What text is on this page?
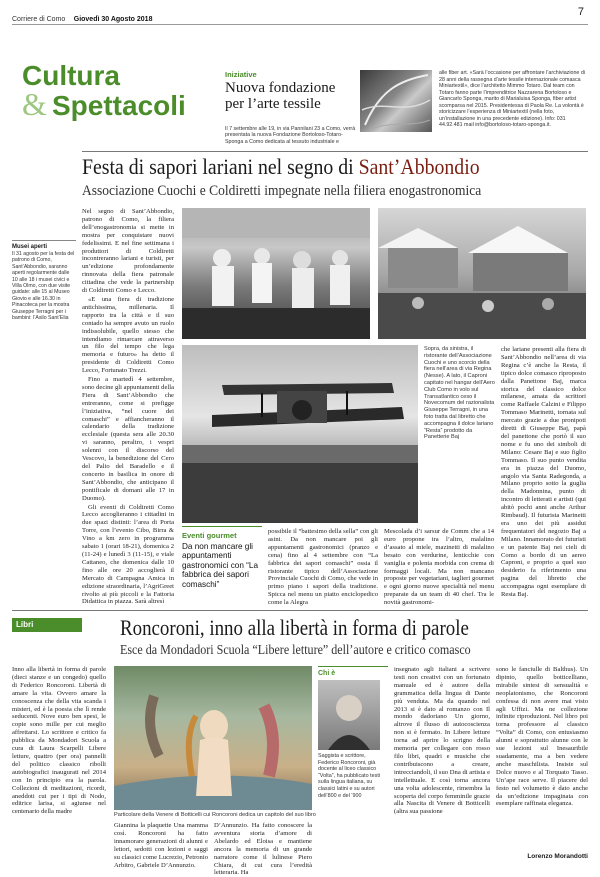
Corriere di Como Giovedì 30 Agosto 2018
7
Cultura
& Spettacoli
Iniziative
Nuova fondazione
per l’arte tessile
Il 7 settembre alle 19, in via Pannilani 23 a Como, verrà presentata la nuova Fondazione Bortoloso-Totaro-Sponga a Como dedicata al tessuto industriale e
alle fiber art. «Sarà l’occasione per affrontare l’archiviazione di 28 anni della rassegna d’arte tessile internazionale comasca Miniartextil», dice l’architetto Mimmo Totaro. Dal team con Totaro fanno parte l’imprenditrice Nazzarena Bortoloso e Giancarlo Sponga, marito di Marialuisa Sponga, fiber artist scomparsa nel 2015. Presidentessa di Paola Re. La volontà è storicizzare l’esperienza di Miniartextil (nella foto, un’installazione in una precedente edizione). Info: 031 44.92.481 mail info@bortoloso-totaro-sponga.it.
Festa di sapori lariani nel segno di Sant’Abbondio
Associazione Cuochi e Coldiretti impegnate nella filiera enogastronomica
Musei aperti
Il 31 agosto per la festa del patrono di Como, Sant’Abbondio, saranno aperti regolarmente dalle 10 alle 18 i musei civici e Villa Olmo, con due visite guidate: alle 15 al Museo Giovio e alle 16.30 in Pinacoteca per la mostra Giuseppe Terragni per i bambini: l’Asilo Sant’Elia

Nel segno di Sant’Abbondio, patrono di Como, la filiera dell’enogastronomia si mette in mostra per conquistare nuovi fedelissimi. E nel fine settimana i produttori di Coldiretti incontreranno lariani e turisti, per un’edizione profondamente rinnovata della fiera patronale cittadina che vede la partnership di Coldiretti Como e Lecco.

«E una fiera di tradizione antichissima, millenaria. Il rapporto tra la città e il suo contado ha sempre avuto un ruolo indissolubile, quello stesso che intendiamo rimarcare attraverso un filo del tempo che lega memoria e futuro» ha detto il presidente di Coldiretti Como Lecco, Fortunato Trezzi.

Fino a martedì 4 settembre, sono decine gli appuntamenti della Fiera di Sant’Abbondio che entreranno, come si prefigge l’iniziativa, “nel cuore dei comaschi” e affiancheranno il calendario della tradizione ecclesiale (questa sera alle 20.30 vi saranno, peraltro, i vespri solenni con il discorso del Vescovo, la benedizione del Cero del Palio del Baradello e il concerto in basilica in onore di Sant’Abbondio, che anticipano il pontificale di domani alle 17 in Duomo).

Gli eventi di Coldiretti Como Lecco accoglieranno i cittadini in due spazi distinti: l’area di Porta Torre, con l’evento Cibo, Birra & Vino a km zero in programma sabato 1 (orari 18-21), domenica 2 (11-24) e lunedì 3 (11-15), e viale Cattaneo, che domenica dalle 10 fino alle ore 20 accoglierà il Mercato di Campagna Amica in edizione straordinaria, l’AgriGreet rivolto ai più piccoli e la Fattoria Didattica in piazza. Sarà altresì

Sopra, da sinistra, il ristorante dell’Associazione Cuochi e uno scorcio della fiera nell’area di via Regina (Nesse). A lato, il Caproni capitato nel hangar dell’Aero Club Como in volo sul Transatlantico ceso il Novecomum del razionalista Giuseppe Terragni, in una foto tratta dal libretto che accompagna il dolce lariano “Resta” prodotto da Panetterie Baj
che lariane presenti alla fiera di Sant’Abbondio nell’area di via Regina c’è anche la Resta, il tipico dolce comasco riproposto dalla Panettone Baj, marca storica del classico dolce milanese, amata da scrittori come Raffaele Calzini e Filippo Tommaso Marinetti, tornata sul mercato grazie a due pronipoti diretti di Giuseppe Baj, papà del panettone che portò il suo nome e fu uno dei simboli di Milano: Cesare Baj e suo figlio Tommaso. Il suo punto vendita era in piazza del Duomo, angolo via Santa Radegonda, a Milano proprio sotto la guglia della Madonnina, punto di incontro di letterati e artisti (qui abitò pochi anni anche Arthur Rimbaud). Il futurista Marinetti era uno dei più assidui frequentatori del negozio Baj a Milano. Innamorato dei futuristi e un patente Baj nei cieli di Como a bordo di un aereo Caproni, e proprio a quel suo desiderio fa riferimento una pagina del libretto che accompagna ogni esemplare di Resta Baj.
Eventi gourmet
Da non mancare gli appuntamenti gastronomici con “La fabbrica dei sapori comaschi”
possibile il “battesimo della sella” con gli asini. Da non mancare poi gli appuntamenti gastronomici (pranzo e cena) fino al 4 settembre con “La fabbrica dei sapori comaschi” ossia il ristorante tipico dell’Associazione Provinciale Cuochi di Como, che vede in primo piano i sapori della tradizione. Spicca nel menu un piatto enciclopedico come la Alegra
Mescolada d’i sarsur de Comm che a 14 euro propone tra l’altro, malalino d’assato al miele, mazinetti di malalino besato con verdurine, lenticchie con vaniglia e polenta morbida con crema di formaggi locali. Ma non mancano proposte per vegetariani, taglieri gourmet e ogni giorno nuove specialità nel menu preparate da un team di 40 chef. Tra le novità gastronomi-
Libri	Roncoroni, inno alla libertà in forma di parole
Esce da Mondadori Scuola “Libere letture” dell’autore e critico comasco
Inno alla libertà in forma di parole (dieci stanze e un congedo) quello di Federico Roncoroni. Libertà di amare la vita. Ovvero amare la conoscenza che della vita scanda i misteri, ed è la poesia che lì rende seducenti. Nove euro ben spesi, le copie sono mille per cui meglio affrettarsi. Lo scrittore e critico fa pubblica da Mondadori Scuola a cura di Laura Scarpelli Libere letture, quattro (per ora) pannelli del politico classico ribolli autobiografici inaugurati nel 2014 con In principio era la parola. Collezioni di meditazioni, ricordi, aneddoti cui per i tipi di Nodo, editrice larisa, si agiunse nel centenario della madre	Particolare della Venere di Botticelli cui Roncoroni dedica un capitolo del suo libro
Giannina la plaquette Una mamma così. Roncoroni ha fatto innamorare generazioni di alunni e lettori, sedotti con lezioni e saggi su classici come Lucrezio, Petronio Arbitro, Gabriele D’Annunzio.
D’Annunzio. Ha fatto conoscere la avventura storia d’amore di Abelardo ed Eloisa e mantiene ancora la memoria di un grande narratore come il lulinese Piero Chiara, di cui cura l’eredità letteraria. Ha
Chi è
Saggista e scrittore, Federico Roncoroni, già docente al liceo classico “Volta”, ha pubblicato testi sulla lingua italiana, su classici latini e su autori dell’800 e del ‘900
insegnato agli italiani a scrivere testi non creativi con un fortunato manuale ed è autore della grammatica della lingua di Dante più venduta. Ma da quando nel 2013 si è dato al romanzo con Il mondo dadoriano Un giorno, altrove il flusso di autocoscienza non si è fermato. In Libere letture torna ad aprire lo scrigno della memoria per collegare con rosso filo libri, quadri e musiche che contribuiscono a creare, intrecciandoli, il suo Dna di artista e intellettuale. E così torna ancora una volta adolescente, rimembra la scoperta del corpo femminile grazie alla Nascita di Venere di Botticelli (altra sua passione
sono le fanciulle di Balthus). Un dipinto, quello botticelliano, mirabile sintesi di sensualità e neoplatonismo, che Roncoroni confessa di non avere mai visto agli Uffizi. Ma ne collezione infinite riproduzioni. Nel libro poi torna professore al classico “Volta” di Como, con entusiasmo alunni e soprattutto alunne con le sue lezioni sul Inesauribile suadamente, ma a ben vedere anche maschilista. Insiste sul Dolce nuovo e al Torquato Tasso. Un’ape race serve. Il piacere del festo nel volumetto è dato anche da un’edizione impaginata con esemplare raffinata eleganza.
Lorenzo Morandotti
